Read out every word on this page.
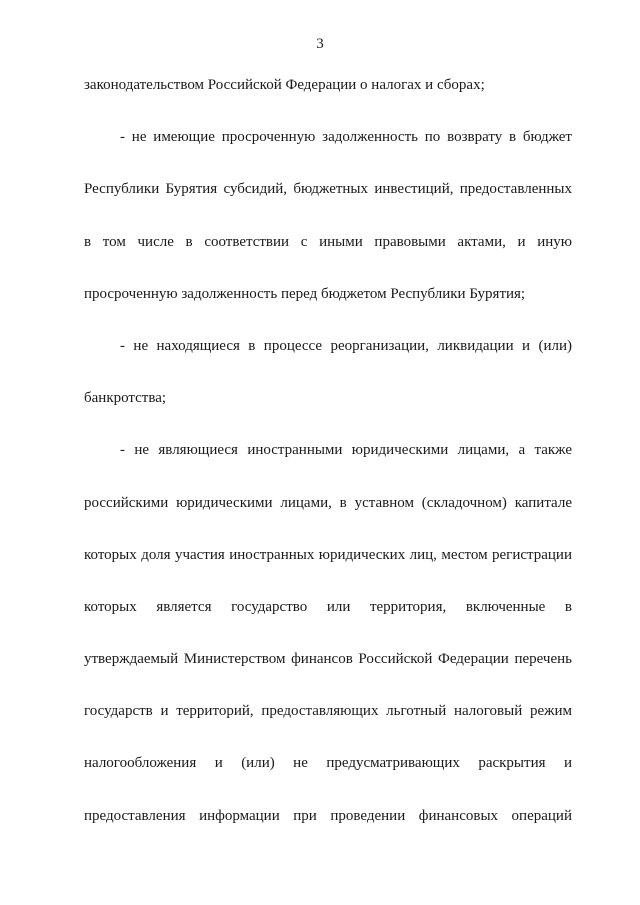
3
законодательством Российской Федерации о налогах и сборах;
- не имеющие просроченную задолженность по возврату в бюджет
Республики Бурятия субсидий, бюджетных инвестиций, предоставленных
в том числе в соответствии с иными правовыми актами, и иную
просроченную задолженность перед бюджетом Республики Бурятия;
- не находящиеся в процессе реорганизации, ликвидации и (или)
банкротства;
- не являющиеся иностранными юридическими лицами, а также
российскими юридическими лицами, в уставном (складочном) капитале
которых доля участия иностранных юридических лиц, местом регистрации
которых является государство или территория, включенные в
утверждаемый Министерством финансов Российской Федерации перечень
государств и территорий, предоставляющих льготный налоговый режим
налогообложения и (или) не предусматривающих раскрытия и
предоставления информации при проведении финансовых операций
